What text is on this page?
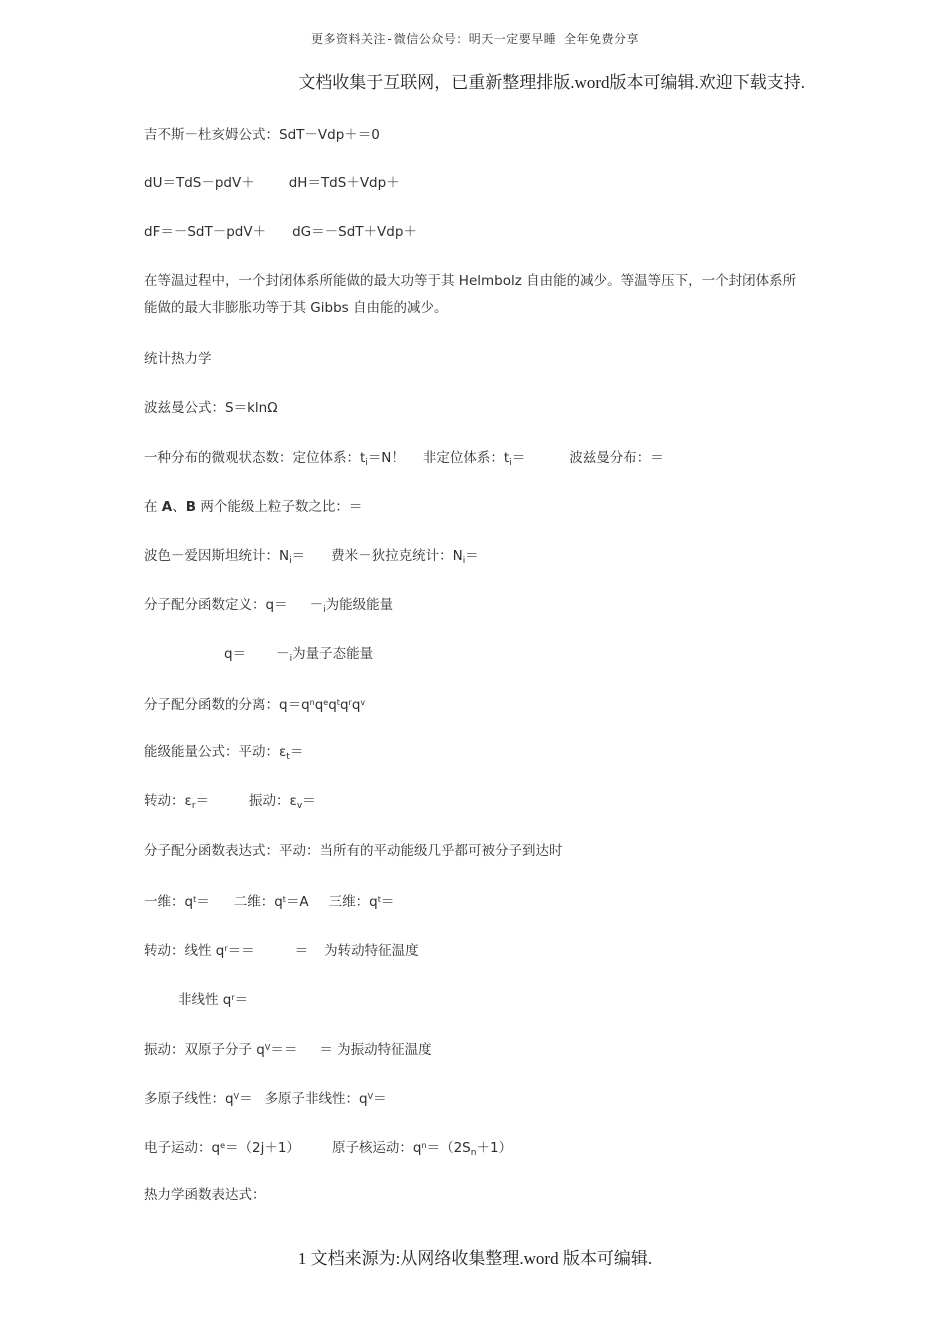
更多资料关注-微信公众号：明天一定要早睡 全年免费分享
文档收集于互联网，已重新整理排版.word版本可编辑.欢迎下载支持.
吉不斯－杜亥姆公式：SdT－Vdp＋＝0
dU＝TdS－pdV＋	dH＝TdS＋Vdp＋
dF＝－SdT－pdV＋ dG＝－SdT＋Vdp＋
在等温过程中，一个封闭体系所能做的最大功等于其 Helmbolz 自由能的减少。等温等压下，一个封闭体系所能做的最大非膨胀功等于其 Gibbs 自由能的减少。
统计热力学
波兹曼公式：S＝klnΩ
一种分布的微观状态数：定位体系：$t_i=N$！ 非定位体系：$t_i=$	波兹曼分布：＝
在 A、B 两个能级上粒子数之比：＝
波色－爱因斯坦统计：$N_i=$ 费米－狄拉克统计：$N_i=$
分子配分函数定义：$q= -_i$为能级能量
$q= -_i$为量子态能量
分子配分函数的分离：$q=q^nq^eq^tq^rq^v$
能级能量公式：平动：$\varepsilon_t=$
转动：$\varepsilon_r=$	振动：$\varepsilon_v=$
分子配分函数表达式：平动：当所有的平动能级几乎都可被分子到达时
一维：$q^t=$ 二维：$q^t=A$ 三维：$q^t=$
转动：线性 $q^r==$	＝ 为转动特征温度
非线性 $q^r=$
振动：双原子分子 $q^V==$ ＝ 为振动特征温度
多原子线性：$q^V=$ 多原子非线性：$q^V=$
电子运动：$q^e=(2j+1)$ 原子核运动：$q^n=(2S_n+1)$
热力学函数表达式：
1 文档来源为:从网络收集整理.word 版本可编辑.
